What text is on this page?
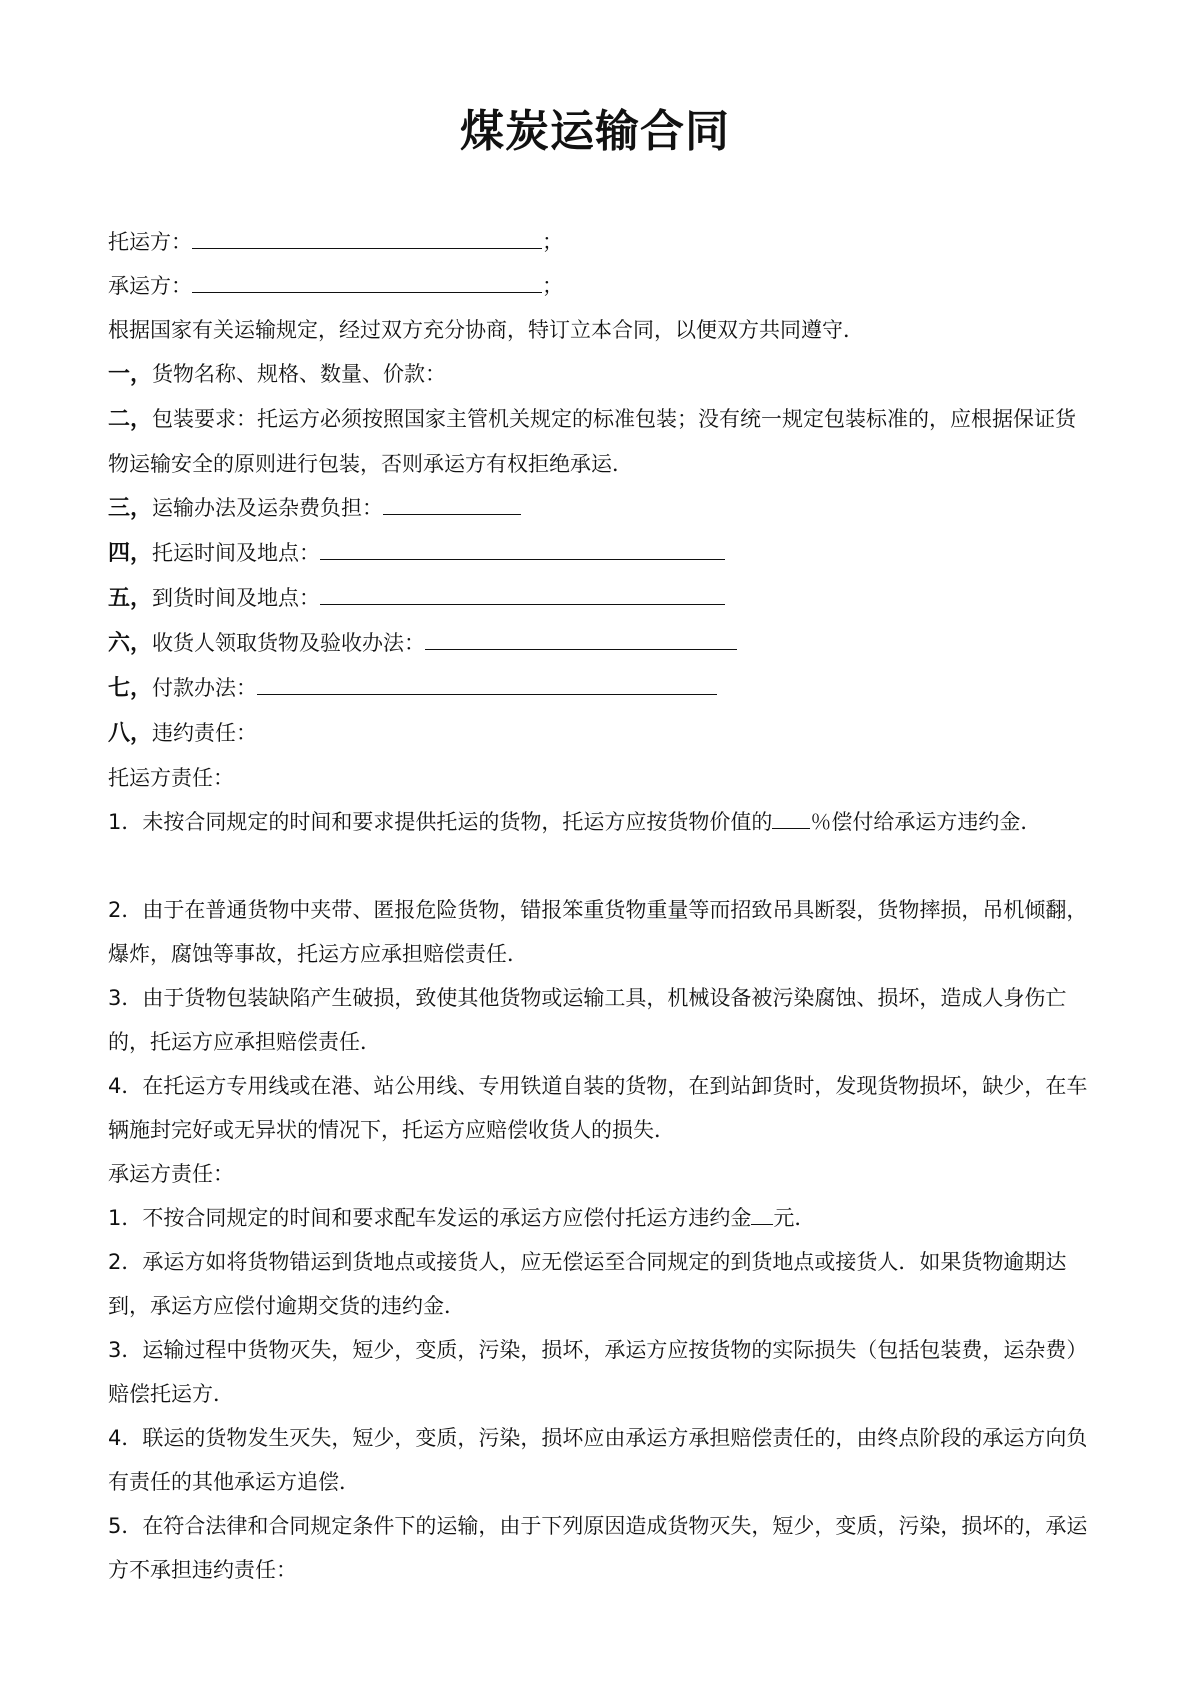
煤炭运输合同

托运方：	；

承运方：	；

根据国家有关运输规定，经过双方充分协商，特订立本合同，以便双方共同遵守．

一，货物名称、规格、数量、价款：

二，包装要求：托运方必须按照国家主管机关规定的标准包装；没有统一规定包装标准的，应根据保证货物运输安全的原则进行包装，否则承运方有权拒绝承运．

三，运输办法及运杂费负担：

四，托运时间及地点：

五，到货时间及地点：

六，收货人领取货物及验收办法：

七，付款办法：

八，违约责任：

托运方责任：

1．未按合同规定的时间和要求提供托运的货物，托运方应按货物价值的 ％偿付给承运方违约金．

2．由于在普通货物中夹带、匿报危险货物，错报笨重货物重量等而招致吊具断裂，货物摔损，吊机倾翻，爆炸，腐蚀等事故，托运方应承担赔偿责任．

3．由于货物包装缺陷产生破损，致使其他货物或运输工具，机械设备被污染腐蚀、损坏，造成人身伤亡的，托运方应承担赔偿责任．

4．在托运方专用线或在港、站公用线、专用铁道自装的货物，在到站卸货时，发现货物损坏，缺少，在车辆施封完好或无异状的情况下，托运方应赔偿收货人的损失．

承运方责任：

1．不按合同规定的时间和要求配车发运的承运方应偿付托运方违约金 元．

2．承运方如将货物错运到货地点或接货人，应无偿运至合同规定的到货地点或接货人．如果货物逾期达到，承运方应偿付逾期交货的违约金．

3．运输过程中货物灭失，短少，变质，污染，损坏，承运方应按货物的实际损失（包括包装费，运杂费）赔偿托运方．

4．联运的货物发生灭失，短少，变质，污染，损坏应由承运方承担赔偿责任的，由终点阶段的承运方向负有责任的其他承运方追偿．

5．在符合法律和合同规定条件下的运输，由于下列原因造成货物灭失，短少，变质，污染，损坏的，承运方不承担违约责任：
